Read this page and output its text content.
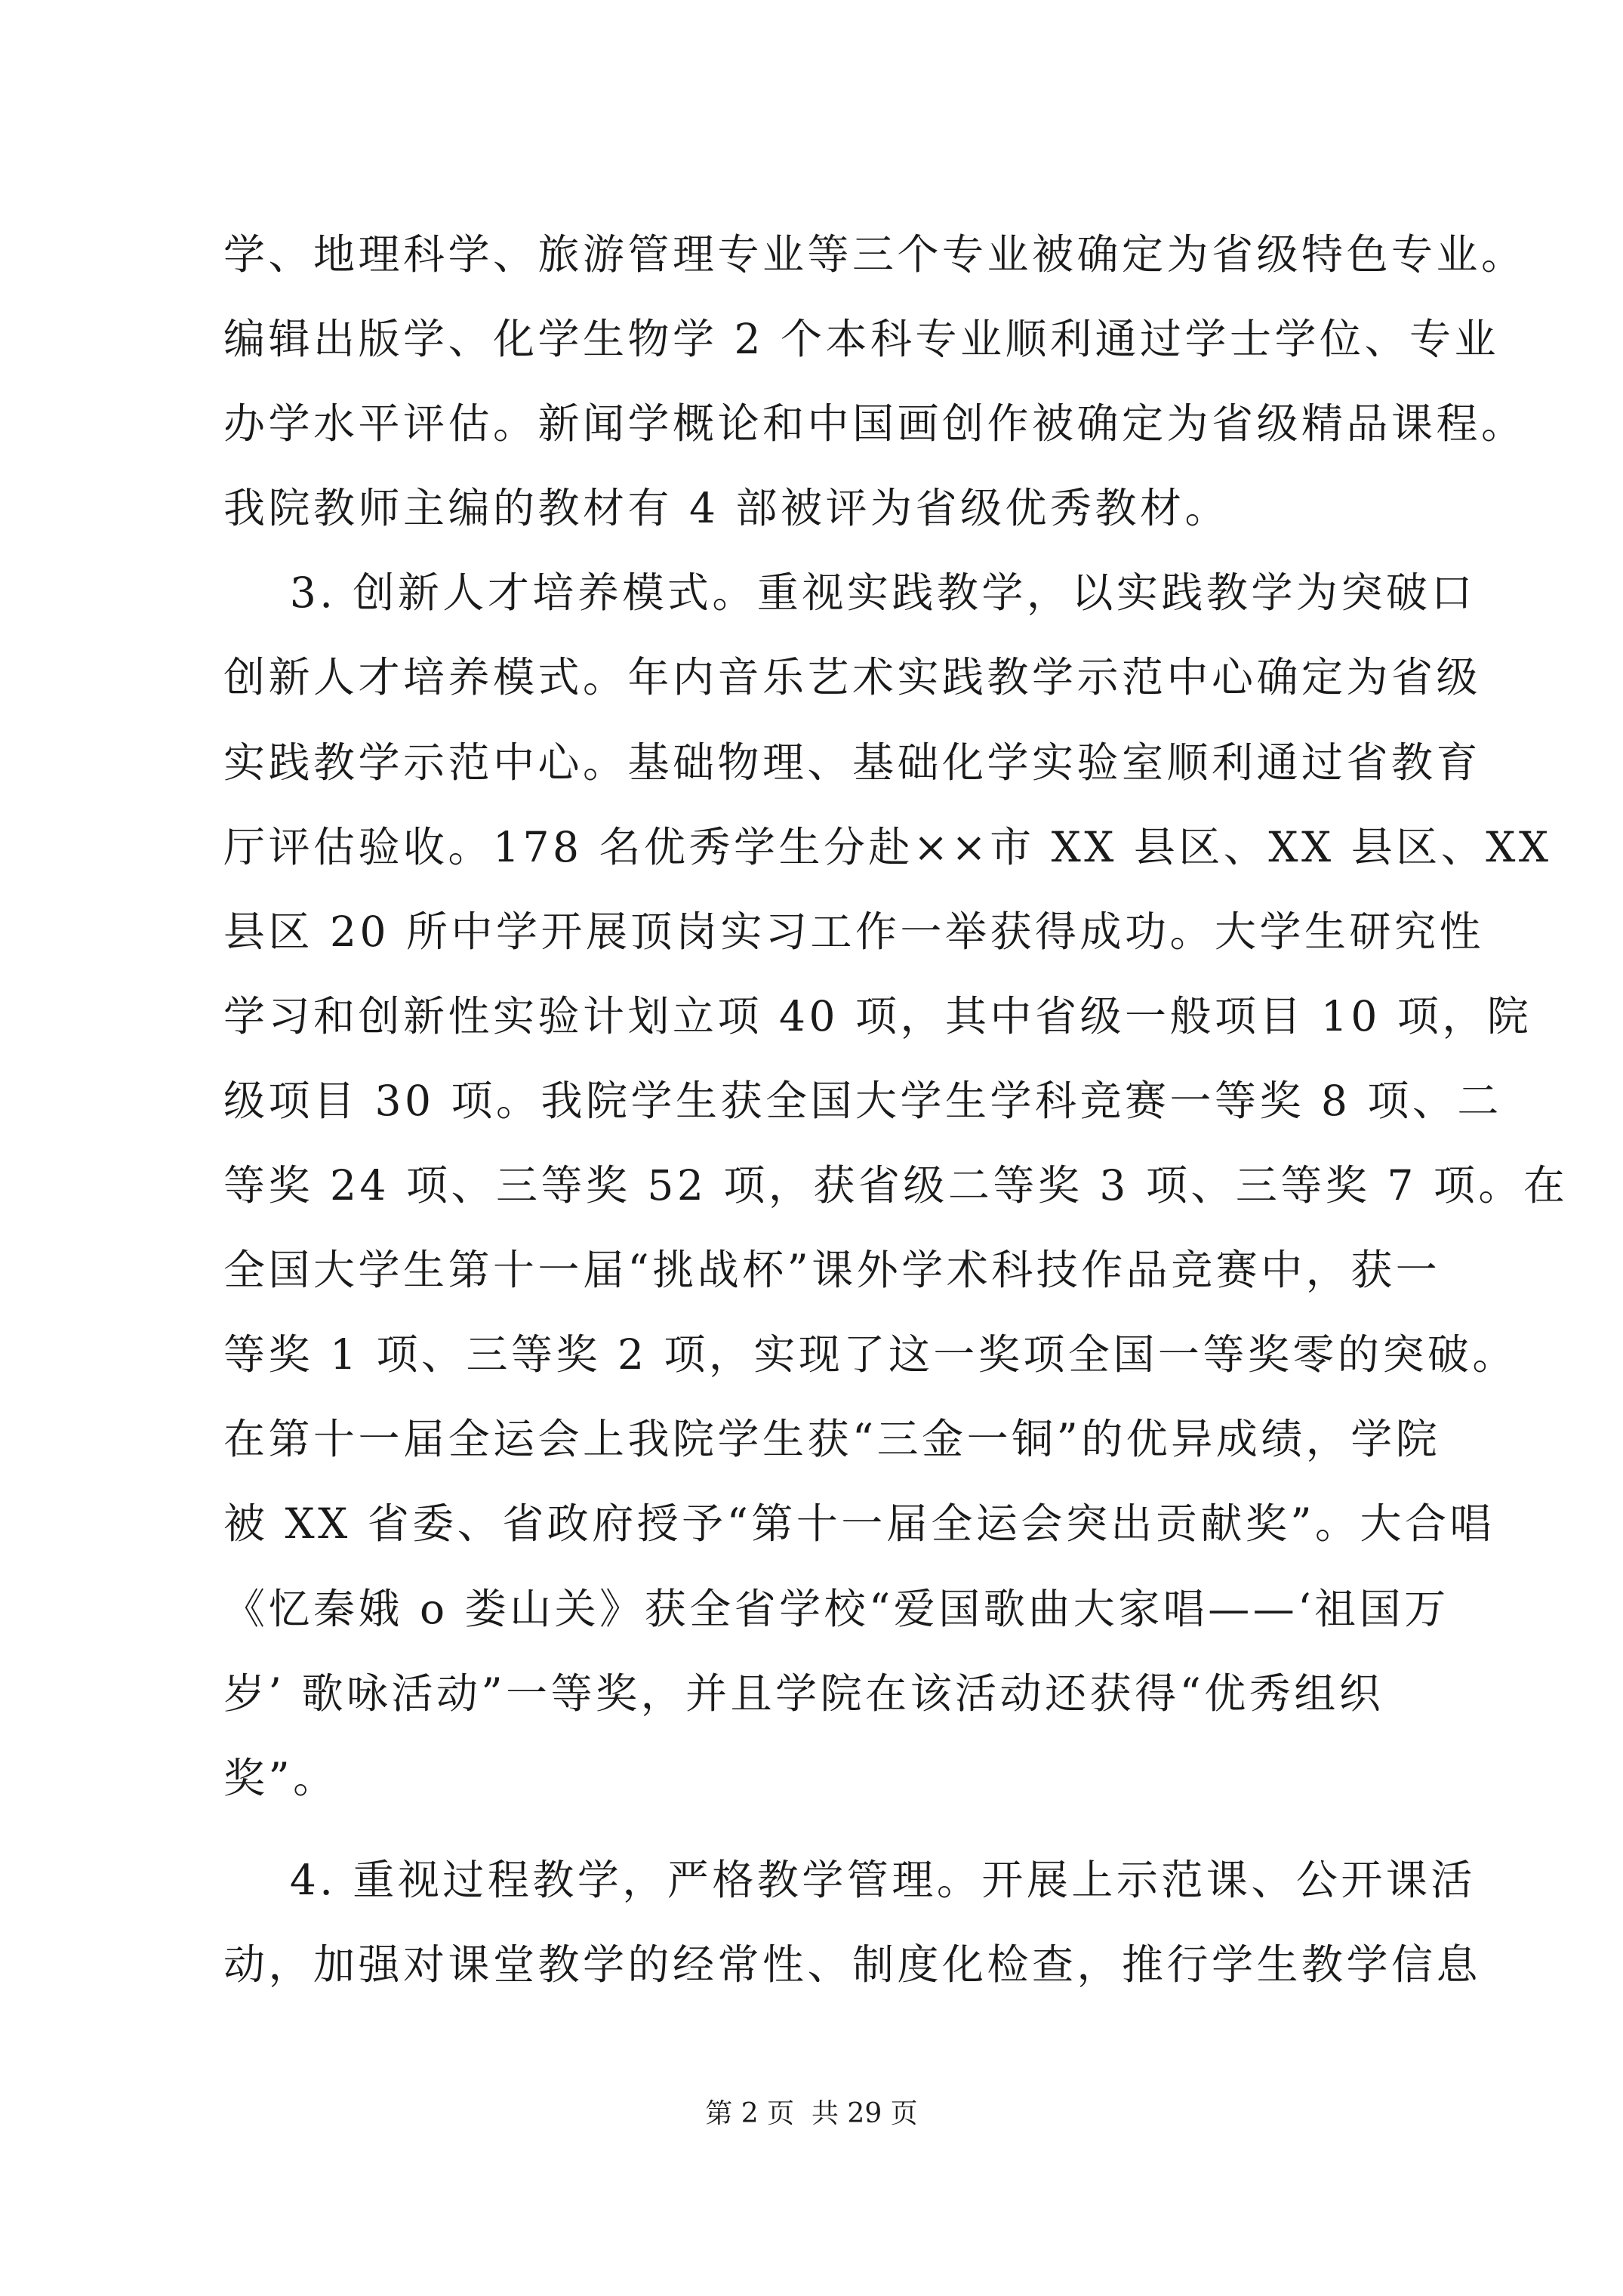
学、地理科学、旅游管理专业等三个专业被确定为省级特色专业。
编辑出版学、化学生物学 2 个本科专业顺利通过学士学位、专业
办学水平评估。新闻学概论和中国画创作被确定为省级精品课程。
我院教师主编的教材有 4 部被评为省级优秀教材。
3. 创新人才培养模式。重视实践教学，以实践教学为突破口
创新人才培养模式。年内音乐艺术实践教学示范中心确定为省级
实践教学示范中心。基础物理、基础化学实验室顺利通过省教育
厅评估验收。178 名优秀学生分赴××市 XX 县区、XX 县区、XX
县区 20 所中学开展顶岗实习工作一举获得成功。大学生研究性
学习和创新性实验计划立项 40 项，其中省级一般项目 10 项，院
级项目 30 项。我院学生获全国大学生学科竞赛一等奖 8 项、二
等奖 24 项、三等奖 52 项，获省级二等奖 3 项、三等奖 7 项。在
全国大学生第十一届“挑战杯”课外学术科技作品竞赛中，获一
等奖 1 项、三等奖 2 项，实现了这一奖项全国一等奖零的突破。
在第十一届全运会上我院学生获“三金一铜”的优异成绩，学院
被 XX 省委、省政府授予“第十一届全运会突出贡献奖”。大合唱
《忆秦娥 o 娄山关》获全省学校“爱国歌曲大家唱——‘祖国万
岁’ 歌咏活动”一等奖，并且学院在该活动还获得“优秀组织
奖”。
4. 重视过程教学，严格教学管理。开展上示范课、公开课活
动，加强对课堂教学的经常性、制度化检查，推行学生教学信息
第 2 页  共 29 页
